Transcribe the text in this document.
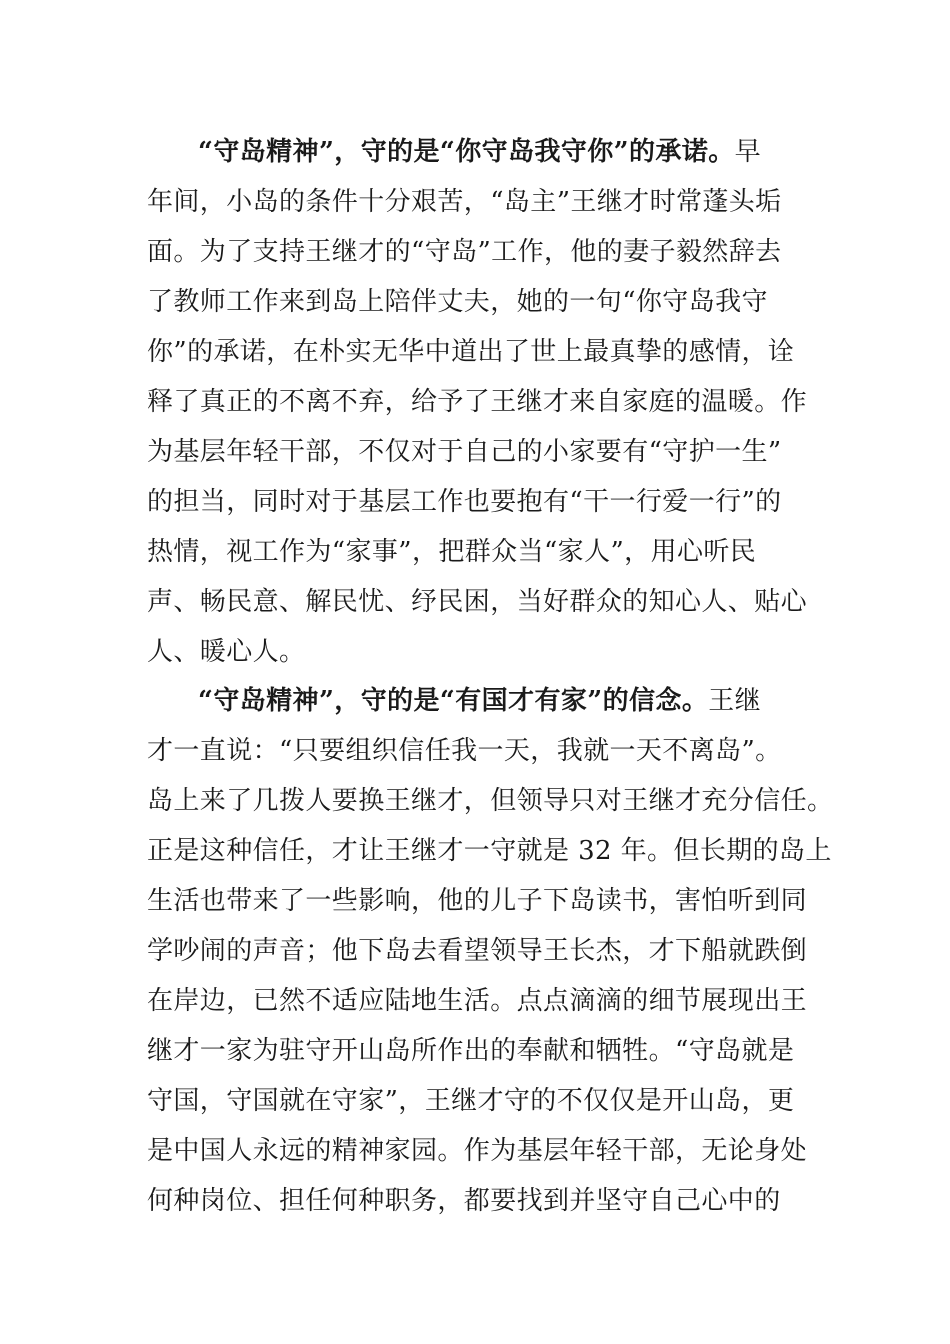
“守岛精神”，守的是“你守岛我守你”的承诺。早
年间，小岛的条件十分艰苦，“岛主”王继才时常蓬头垢
面。为了支持王继才的“守岛”工作，他的妻子毅然辞去
了教师工作来到岛上陪伴丈夫，她的一句“你守岛我守
你”的承诺，在朴实无华中道出了世上最真挚的感情，诠
释了真正的不离不弃，给予了王继才来自家庭的温暖。作
为基层年轻干部，不仅对于自己的小家要有“守护一生”
的担当，同时对于基层工作也要抱有“干一行爱一行”的
热情，视工作为“家事”，把群众当“家人”，用心听民
声、畅民意、解民忧、纾民困，当好群众的知心人、贴心
人、暖心人。
“守岛精神”，守的是“有国才有家”的信念。王继
才一直说：“只要组织信任我一天，我就一天不离岛”。
岛上来了几拨人要换王继才，但领导只对王继才充分信任。
正是这种信任，才让王继才一守就是 32 年。但长期的岛上
生活也带来了一些影响，他的儿子下岛读书，害怕听到同
学吵闹的声音；他下岛去看望领导王长杰，才下船就跌倒
在岸边，已然不适应陆地生活。点点滴滴的细节展现出王
继才一家为驻守开山岛所作出的奉献和牺牲。“守岛就是
守国，守国就在守家”，王继才守的不仅仅是开山岛，更
是中国人永远的精神家园。作为基层年轻干部，无论身处
何种岗位、担任何种职务，都要找到并坚守自己心中的
